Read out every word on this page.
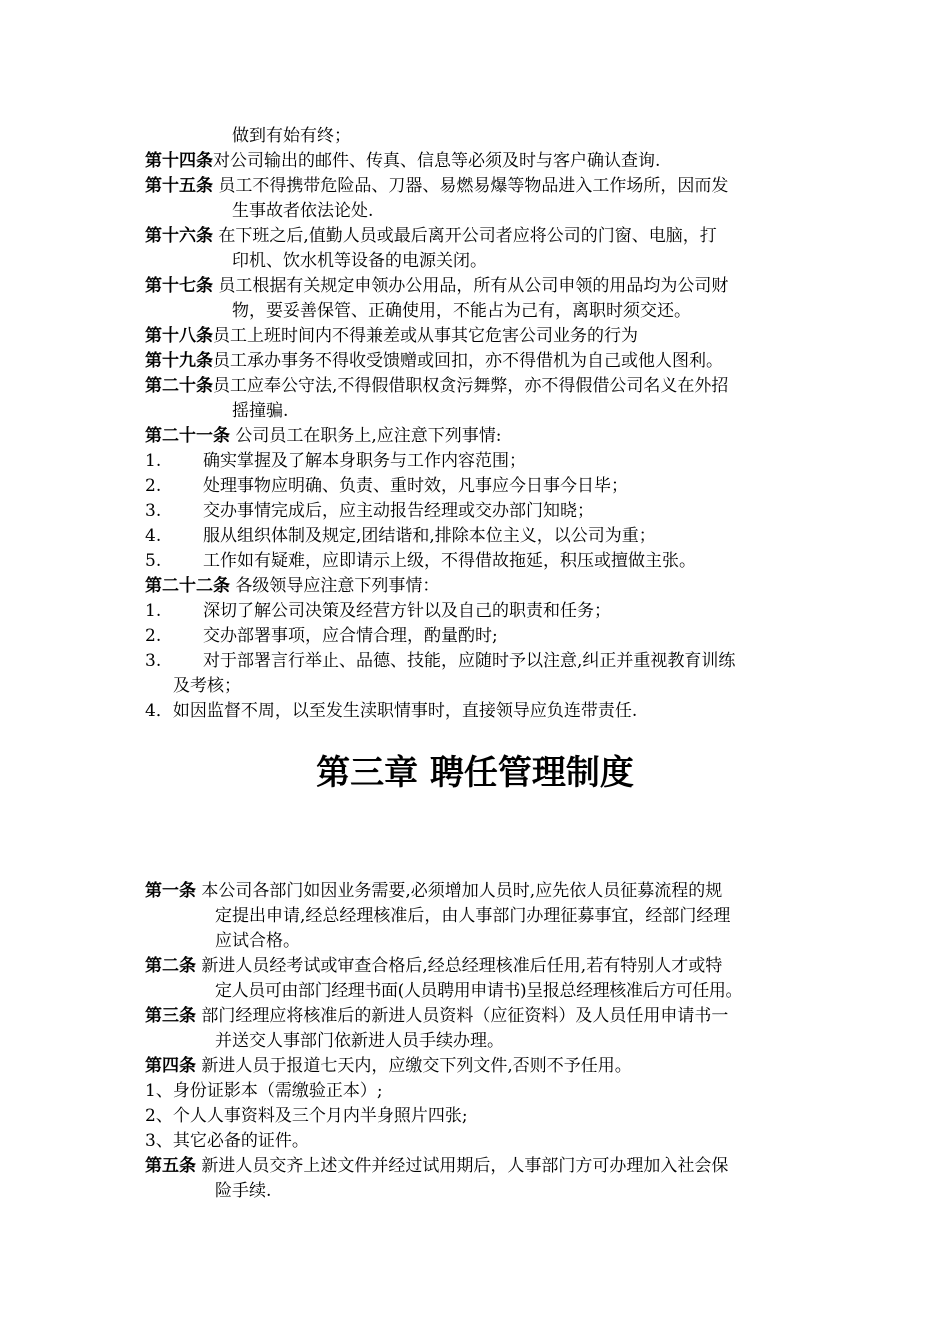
做到有始有终；
第十四条对公司输出的邮件、传真、信息等必须及时与客户确认查询.
第十五条 员工不得携带危险品、刀器、易燃易爆等物品进入工作场所，因而发
生事故者依法论处.
第十六条 在下班之后,值勤人员或最后离开公司者应将公司的门窗、电脑，打
印机、饮水机等设备的电源关闭。
第十七条 员工根据有关规定申领办公用品，所有从公司申领的用品均为公司财
物，要妥善保管、正确使用，不能占为己有，离职时须交还。
第十八条员工上班时间内不得兼差或从事其它危害公司业务的行为
第十九条员工承办事务不得收受馈赠或回扣，亦不得借机为自己或他人图利。
第二十条员工应奉公守法,不得假借职权贪污舞弊，亦不得假借公司名义在外招
摇撞骗.
第二十一条 公司员工在职务上,应注意下列事情:
1. 确实掌握及了解本身职务与工作内容范围；
2. 处理事物应明确、负责、重时效，凡事应今日事今日毕；
3. 交办事情完成后，应主动报告经理或交办部门知晓；
4. 服从组织体制及规定,团结谐和,排除本位主义，以公司为重；
5. 工作如有疑难，应即请示上级，不得借故拖延，积压或擅做主张。
第二十二条 各级领导应注意下列事情：
1. 深切了解公司决策及经营方针以及自己的职责和任务；
2. 交办部署事项，应合情合理，酌量酌时;
3. 对于部署言行举止、品德、技能，应随时予以注意,纠正并重视教育训练
及考核；
4．如因监督不周，以至发生渎职情事时，直接领导应负连带责任.
第三章 聘任管理制度
第一条 本公司各部门如因业务需要,必须增加人员时,应先依人员征募流程的规
定提出申请,经总经理核准后，由人事部门办理征募事宜，经部门经理
应试合格。
第二条 新进人员经考试或审查合格后,经总经理核准后任用,若有特别人才或特
定人员可由部门经理书面(人员聘用申请书)呈报总经理核准后方可任用。
第三条 部门经理应将核准后的新进人员资料（应征资料）及人员任用申请书一
并送交人事部门依新进人员手续办理。
第四条 新进人员于报道七天内，应缴交下列文件,否则不予任用。
1、身份证影本（需缴验正本）;
2、个人人事资料及三个月内半身照片四张;
3、其它必备的证件。
第五条 新进人员交齐上述文件并经过试用期后，人事部门方可办理加入社会保
险手续.
